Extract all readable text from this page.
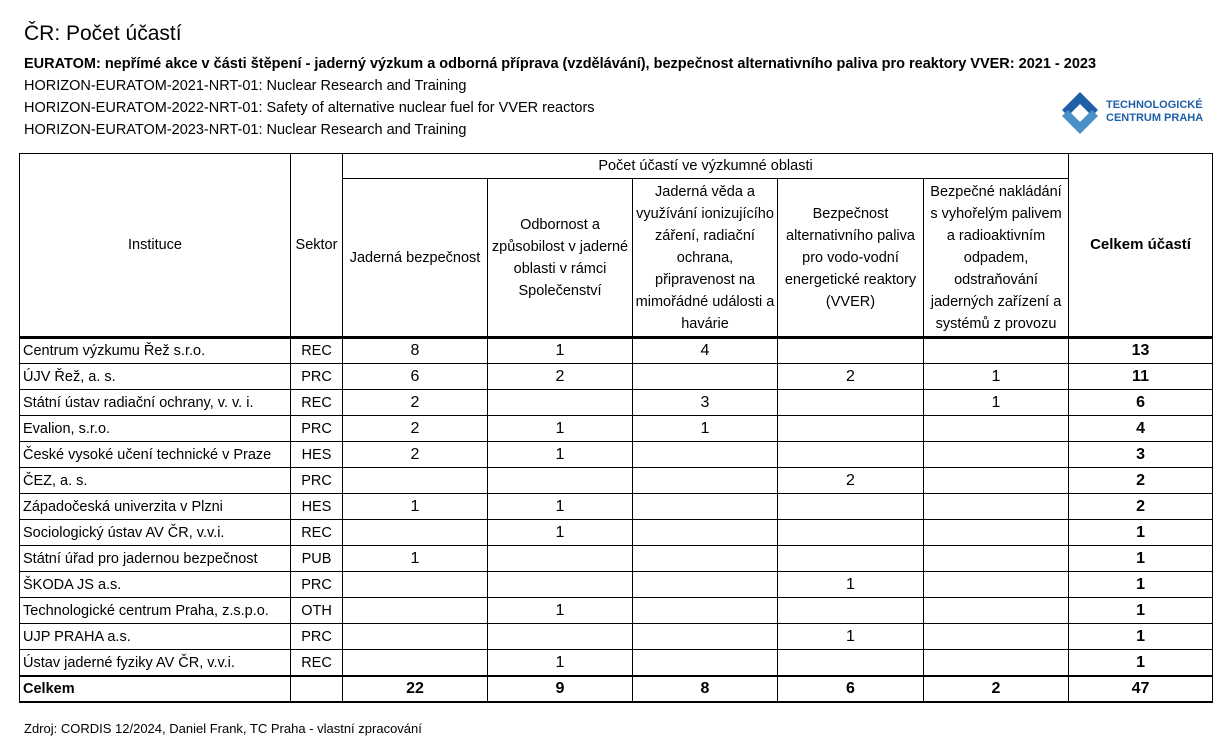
ČR: Počet účastí
EURATOM: nepřímé akce v části štěpení - jaderný výzkum a odborná příprava (vzdělávání), bezpečnost alternativního paliva pro reaktory VVER: 2021 - 2023
HORIZON-EURATOM-2021-NRT-01: Nuclear Research and Training
HORIZON-EURATOM-2022-NRT-01: Safety of alternative nuclear fuel for VVER reactors
HORIZON-EURATOM-2023-NRT-01: Nuclear Research and Training
TECHNOLOGICKÉ
CENTRUM PRAHA
Instituce	Sektor	Počet účastí ve výzkumné oblasti					Celkem účastí
		Jaderná bezpečnost	Odbornost a způsobilost v jaderné oblasti v rámci Společenství	Jaderná věda a využívání ionizujícího záření, radiační ochrana, připravenost na mimořádné události a havárie	Bezpečnost alternativního paliva pro vodo-vodní energetické reaktory (VVER)	Bezpečné nakládání s vyhořelým palivem a radioaktivním odpadem, odstraňování jaderných zařízení a systémů z provozu	
Centrum výzkumu Řež s.r.o.	REC	8	1	4			13
ÚJV Řež, a. s.	PRC	6	2		2	1	11
Státní ústav radiační ochrany, v. v. i.	REC	2		3		1	6
Evalion, s.r.o.	PRC	2	1	1			4
České vysoké učení technické v Praze	HES	2	1				3
ČEZ, a. s.	PRC				2		2
Západočeská univerzita v Plzni	HES	1	1				2
Sociologický ústav AV ČR, v.v.i.	REC		1				1
Státní úřad pro jadernou bezpečnost	PUB	1					1
ŠKODA JS a.s.	PRC				1		1
Technologické centrum Praha, z.s.p.o.	OTH		1				1
UJP PRAHA a.s.	PRC				1		1
Ústav jaderné fyziky AV ČR, v.v.i.	REC		1				1
Celkem		22	9	8	6	2	47
Zdroj: CORDIS 12/2024, Daniel Frank, TC Praha - vlastní zpracování
